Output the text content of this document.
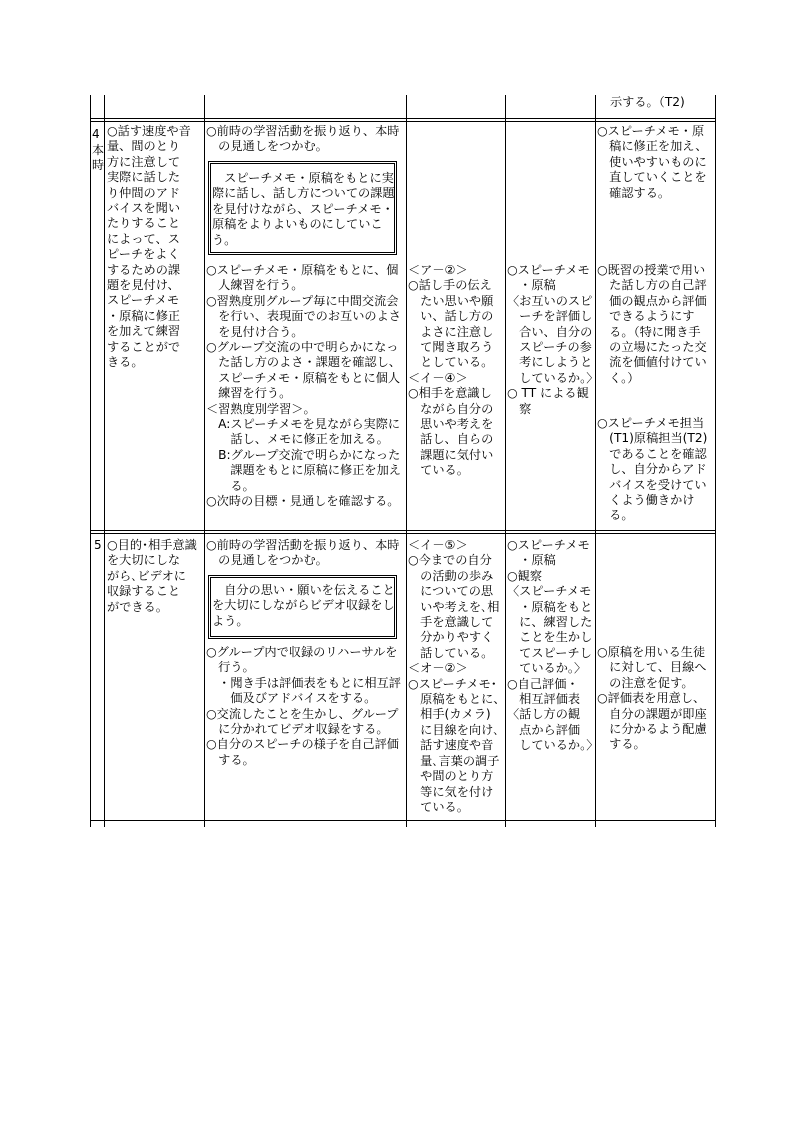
示する。（T2)
4
本
時
○話す速度や音
量、間のとり
方に注意して
実際に話した
り仲間のアド
バイスを聞い
たりすること
によって、ス
ピーチをよく
するための課
題を見付け、
スピーチメモ
・原稿に修正
を加えて練習
することがで
きる。
○前時の学習活動を振り返り、本時
　の見通しをつかむ。
　スピーチメモ・原稿をもとに実
際に話し、話し方についての課題
を見付けながら、スピーチメモ・
原稿をよりよいものにしていこ
う。
○スピーチメモ・原稿をもとに、個
　人練習を行う。
○習熟度別グループ毎に中間交流会
　を行い、表現面でのお互いのよさ
　を見付け合う。
○グループ交流の中で明らかになっ
　た話し方のよさ・課題を確認し、
　スピーチメモ・原稿をもとに個人
　練習を行う。
＜習熟度別学習＞。
　A:スピーチメモを見ながら実際に
　　話し、メモに修正を加える。
　B:グループ交流で明らかになった
　　課題をもとに原稿に修正を加え
　　る。
○次時の目標・見通しを確認する。
＜ア－②＞
○話し手の伝え
　たい思いや願
　い、話し方の
　よさに注意し
　て聞き取ろう
　としている。
＜イ－④＞
○相手を意識し
　ながら自分の
　思いや考えを
　話し、自らの
　課題に気付い
　ている。
○スピーチメモ
　・原稿
〈お互いのスピ
　ーチを評価し
　合い、自分の
　スピーチの参
　考にしようと
　しているか。〉
○ TT による観
　察
○スピーチメモ・原
　稿に修正を加え、
　使いやすいものに
　直していくことを
　確認する。
○既習の授業で用い
　た話し方の自己評
　価の観点から評価
　できるようにす
　る。（特に聞き手
　の立場にたった交
　流を価値付けてい
　く。）
○スピーチメモ担当
　(T1)原稿担当(T2)
　であることを確認
　し、自分からアド
　バイスを受けてい
　くよう働きかけ
　る。
5 ○目的･相手意識
を大切にしな
がら､ビデオに
収録すること
ができる。
○前時の学習活動を振り返り、本時
　の見通しをつかむ。
　自分の思い・願いを伝えること
を大切にしながらビデオ収録をし
よう。
○グループ内で収録のリハーサルを
　行う。
　・聞き手は評価表をもとに相互評
　　価及びアドバイスをする。
○交流したことを生かし、グループ
　に分かれてビデオ収録をする。
○自分のスピーチの様子を自己評価
　する。
＜イ－⑤＞
○今までの自分
　の活動の歩み
　についての思
　いや考えを､相
　手を意識して
　分かりやすく
　話している。
＜オ－②＞
○スピーチメモ･
　原稿をもとに、
　相手(カメラ)
　に目線を向け､
　話す速度や音
　量､言葉の調子
　や間のとり方
　等に気を付け
　ている。
○スピーチメモ
　・原稿
○観察
〈スピーチメモ
　・原稿をもと
　に、練習した
　ことを生かし
　てスピーチし
　ているか。〉
○自己評価・
　相互評価表
〈話し方の観
　点から評価
　しているか。〉
○原稿を用いる生徒
　に対して、目線へ
　の注意を促す。
○評価表を用意し、
　自分の課題が即座
　に分かるよう配慮
　する。
